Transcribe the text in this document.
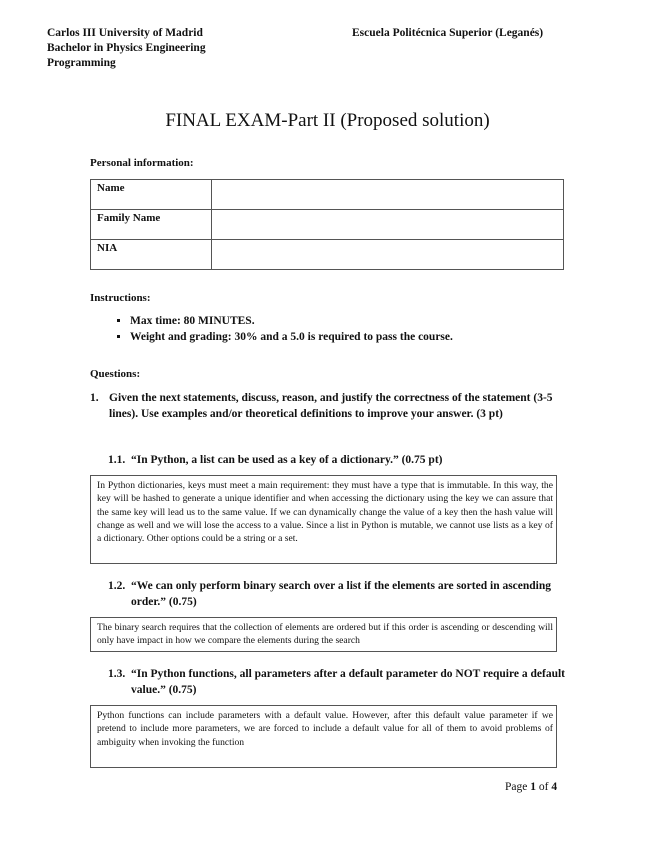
Carlos III University of Madrid
Bachelor in Physics Engineering
Programming
Escuela Politécnica Superior (Leganés)
FINAL EXAM-Part II (Proposed solution)
Personal information:
Name	
Family Name	
NIA	
Instructions:
▪ Max time: 80 MINUTES.
▪ Weight and grading: 30% and a 5.0 is required to pass the course.
Questions:
1. Given the next statements, discuss, reason, and justify the correctness of the statement (3-5 lines). Use examples and/or theoretical definitions to improve your answer. (3 pt)
1.1. “In Python, a list can be used as a key of a dictionary.” (0.75 pt)
In Python dictionaries, keys must meet a main requirement: they must have a type that is immutable. In this way, the key will be hashed to generate a unique identifier and when accessing the dictionary using the key we can assure that the same key will lead us to the same value. If we can dynamically change the value of a key then the hash value will change as well and we will lose the access to a value. Since a list in Python is mutable, we cannot use lists as a key of a dictionary. Other options could be a string or a set.
1.2. “We can only perform binary search over a list if the elements are sorted in ascending order.” (0.75)
The binary search requires that the collection of elements are ordered but if this order is ascending or descending will only have impact in how we compare the elements during the search
1.3. “In Python functions, all parameters after a default parameter do NOT require a default value.” (0.75)
Python functions can include parameters with a default value. However, after this default value parameter if we pretend to include more parameters, we are forced to include a default value for all of them to avoid problems of ambiguity when invoking the function
Page 1 of 4
